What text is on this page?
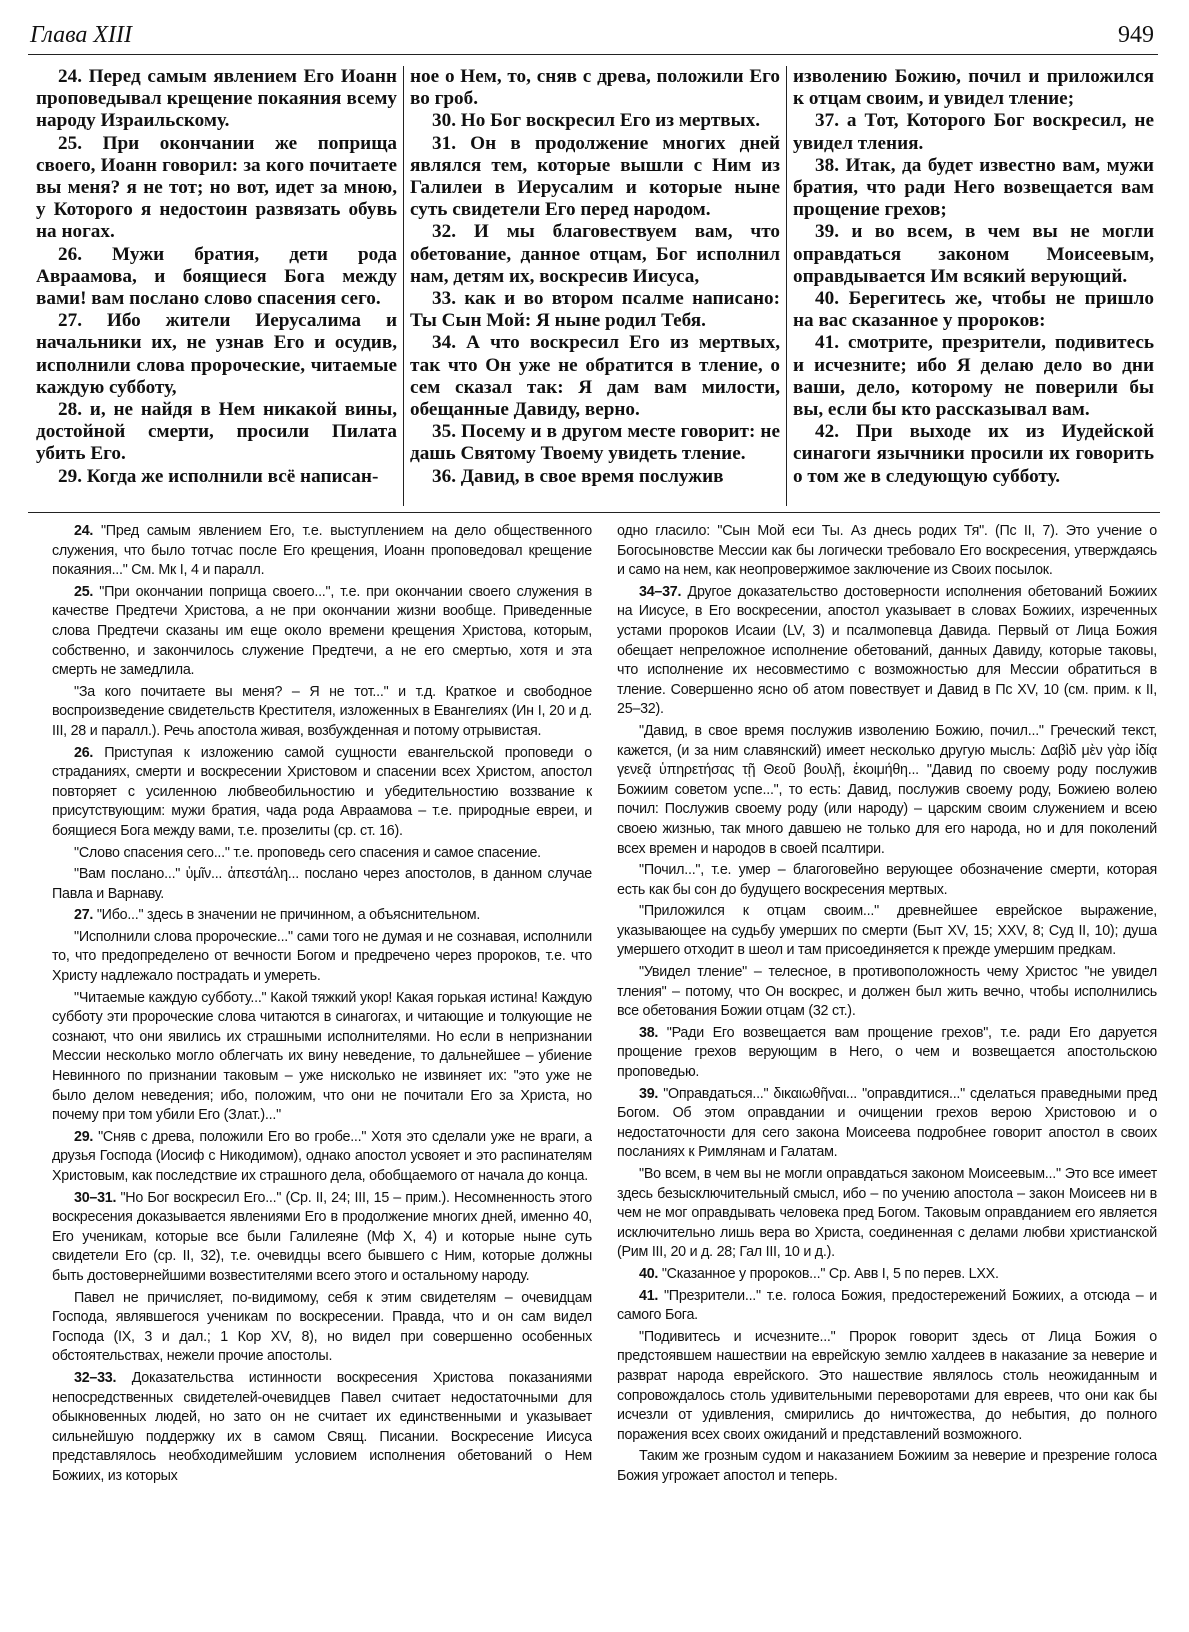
Глава XIII	949

24. Перед самым явлением Его Иоанн проповедывал крещение покаяния всему народу Израильскому.

25. При окончании же поприща своего, Иоанн говорил: за кого почитаете вы меня? я не тот; но вот, идет за мною, у Которого я недостоин развязать обувь на ногах.

26. Мужи братия, дети рода Авраамова, и боящиеся Бога между вами! вам послано слово спасения сего.

27. Ибо жители Иерусалима и начальники их, не узнав Его и осудив, исполнили слова пророческие, читаемые каждую субботу,

28. и, не найдя в Нем никакой вины, достойной смерти, просили Пилата убить Его.

29. Когда же исполнили всё написан-

ное о Нем, то, сняв с древа, положили Его во гроб.

30. Но Бог воскресил Его из мертвых.

31. Он в продолжение многих дней являлся тем, которые вышли с Ним из Галилеи в Иерусалим и которые ныне суть свидетели Его перед народом.

32. И мы благовествуем вам, что обетование, данное отцам, Бог исполнил нам, детям их, воскресив Иисуса,

33. как и во втором псалме написано: Ты Сын Мой: Я ныне родил Тебя.

34. А что воскресил Его из мертвых, так что Он уже не обратится в тление, о сем сказал так: Я дам вам милости, обещанные Давиду, верно.

35. Посему и в другом месте говорит: не дашь Святому Твоему увидеть тление.

36. Давид, в свое время послужив

изволению Божию, почил и приложился к отцам своим, и увидел тление;

37. а Тот, Которого Бог воскресил, не увидел тления.

38. Итак, да будет известно вам, мужи братия, что ради Него возвещается вам прощение грехов;

39. и во всем, в чем вы не могли оправдаться законом Моисеевым, оправдывается Им всякий верующий.

40. Берегитесь же, чтобы не пришло на вас сказанное у пророков:

41. смотрите, презрители, подивитесь и исчезните; ибо Я делаю дело во дни ваши, дело, которому не поверили бы вы, если бы кто рассказывал вам.

42. При выходе их из Иудейской синагоги язычники просили их говорить о том же в следующую субботу.

24. "Пред самым явлением Его, т.е. выступлением на дело общественного служения, что было тотчас после Его крещения, Иоанн проповедовал крещение покаяния..." См. Мк I, 4 и паралл.

25. "При окончании поприща своего...", т.е. при окончании своего служения в качестве Предтечи Христова, а не при окончании жизни вообще. Приведенные слова Предтечи сказаны им еще около времени крещения Христова, которым, собственно, и закончилось служение Предтечи, а не его смертью, хотя и эта смерть не замедлила.

"За кого почитаете вы меня? – Я не тот..." и т.д. Краткое и свободное воспроизведение свидетельств Крестителя, изложенных в Евангелиях (Ин I, 20 и д. III, 28 и паралл.). Речь апостола живая, возбужденная и потому отрывистая.

26. Приступая к изложению самой сущности евангельской проповеди о страданиях, смерти и воскресении Христовом и спасении всех Христом, апостол повторяет с усиленною любвеобильностию и убедительностию воззвание к присутствующим: мужи братия, чада рода Авраамова – т.е. природные евреи, и боящиеся Бога между вами, т.е. прозелиты (ср. ст. 16).

"Слово спасения сего..." т.е. проповедь сего спасения и самое спасение.

"Вам послано..." ὑμῖν... ἀπεστάλη... послано через апостолов, в данном случае Павла и Варнаву.

27. "Ибо..." здесь в значении не причинном, а объяснительном.

"Исполнили слова пророческие..." сами того не думая и не сознавая, исполнили то, что предопределено от вечности Богом и предречено через пророков, т.е. что Христу надлежало пострадать и умереть.

"Читаемые каждую субботу..." Какой тяжкий укор! Какая горькая истина! Каждую субботу эти пророческие слова читаются в синагогах, и читающие и толкующие не сознают, что они явились их страшными исполнителями. Но если в непризнании Мессии несколько могло облегчать их вину неведение, то дальнейшее – убиение Невинного по признании таковым – уже нисколько не извиняет их: "это уже не было делом неведения; ибо, положим, что они не почитали Его за Христа, но почему при том убили Его (Злат.)..."

29. "Сняв с древа, положили Его во гробе..." Хотя это сделали уже не враги, а друзья Господа (Иосиф с Никодимом), однако апостол усвояет и это распинателям Христовым, как последствие их страшного дела, обобщаемого от начала до конца.

30–31. "Но Бог воскресил Его..." (Ср. II, 24; III, 15 – прим.). Несомненность этого воскресения доказывается явлениями Его в продолжение многих дней, именно 40, Его ученикам, которые все были Галилеяне (Мф X, 4) и которые ныне суть свидетели Его (ср. II, 32), т.е. очевидцы всего бывшего с Ним, которые должны быть достовернейшими возвестителями всего этого и остальному народу.

Павел не причисляет, по-видимому, себя к этим свидетелям – очевидцам Господа, являвшегося ученикам по воскресении. Правда, что и он сам видел Господа (IX, 3 и дал.; 1 Кор XV, 8), но видел при совершенно особенных обстоятельствах, нежели прочие апостолы.

32–33. Доказательства истинности воскресения Христова показаниями непосредственных свидетелей-очевидцев Павел считает недостаточными для обыкновенных людей, но зато он не считает их единственными и указывает сильнейшую поддержку их в самом Свящ. Писании. Воскресение Иисуса представлялось необходимейшим условием исполнения обетований о Нем Божиих, из которых

одно гласило: "Сын Мой еси Ты. Аз днесь родих Тя". (Пс II, 7). Это учение о Богосыновстве Мессии как бы логически требовало Его воскресения, утверждаясь и само на нем, как неопровержимое заключение из Своих посылок.

34–37. Другое доказательство достоверности исполнения обетований Божиих на Иисусе, в Его воскресении, апостол указывает в словах Божиих, изреченных устами пророков Исаии (LV, 3) и псалмопевца Давида. Первый от Лица Божия обещает непреложное исполнение обетований, данных Давиду, которые таковы, что исполнение их несовместимо с возможностью для Мессии обратиться в тление. Совершенно ясно об атом повествует и Давид в Пс XV, 10 (см. прим. к II, 25–32).

"Давид, в свое время послужив изволению Божию, почил..." Греческий текст, кажется, (и за ним славянский) имеет несколько другую мысль: Δαβὶδ μὲν γὰρ ἰδίᾳ γενεᾷ ὑπηρετήσας τῇ Θεοῦ βουλῇ, ἐκοιμήθη... "Давид по своему роду послужив Божиим советом успе...", то есть: Давид, послужив своему роду, Божиею волею почил: Послужив своему роду (или народу) – царским своим служением и всею своею жизнью, так много давшею не только для его народа, но и для поколений всех времен и народов в своей псалтири.

"Почил...", т.е. умер – благоговейно верующее обозначение смерти, которая есть как бы сон до будущего воскресения мертвых.

"Приложился к отцам своим..." древнейшее еврейское выражение, указывающее на судьбу умерших по смерти (Быт XV, 15; XXV, 8; Суд II, 10); душа умершего отходит в шеол и там присоединяется к прежде умершим предкам.

"Увидел тление" – телесное, в противоположность чему Христос "не увидел тления" – потому, что Он воскрес, и должен был жить вечно, чтобы исполнились все обетования Божии отцам (32 ст.).

38. "Ради Его возвещается вам прощение грехов", т.е. ради Его даруется прощение грехов верующим в Него, о чем и возвещается апостольскою проповедью.

39. "Оправдаться..." δικαιωθῆναι... "оправдитися..." сделаться праведными пред Богом. Об этом оправдании и очищении грехов верою Христовою и о недостаточности для сего закона Моисеева подробнее говорит апостол в своих посланиях к Римлянам и Галатам.

"Во всем, в чем вы не могли оправдаться законом Моисеевым..." Это все имеет здесь безысключительный смысл, ибо – по учению апостола – закон Моисеев ни в чем не мог оправдывать человека пред Богом. Таковым оправданием его является исключительно лишь вера во Христа, соединенная с делами любви христианской (Рим III, 20 и д. 28; Гал III, 10 и д.).

40. "Сказанное у пророков..." Ср. Авв I, 5 по перев. LXX.

41. "Презрители..." т.е. голоса Божия, предостережений Божиих, а отсюда – и самого Бога.

"Подивитесь и исчезните..." Пророк говорит здесь от Лица Божия о предстоявшем нашествии на еврейскую землю халдеев в наказание за неверие и разврат народа еврейского. Это нашествие являлось столь неожиданным и сопровождалось столь удивительными переворотами для евреев, что они как бы исчезли от удивления, смирились до ничтожества, до небытия, до полного поражения всех своих ожиданий и представлений возможного.

Таким же грозным судом и наказанием Божиим за неверие и презрение голоса Божия угрожает апостол и теперь.
